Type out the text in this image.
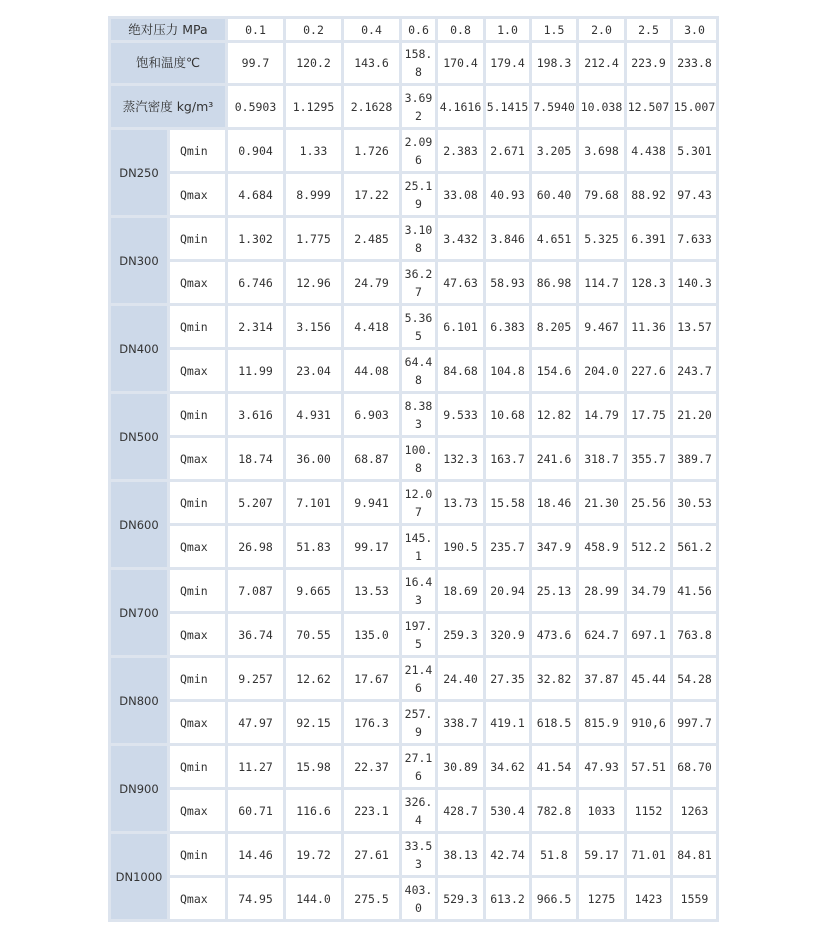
绝对压力 MPa		0.1	0.2	0.4	0.6	0.8	1.0	1.5	2.0	2.5	3.0
饱和温度℃		99.7	120.2	143.6	158.8	170.4	179.4	198.3	212.4	223.9	233.8
蒸汽密度 kg/m³		0.5903	1.1295	2.1628	3.692	4.1616	5.1415	7.5940	10.038	12.507	15.007
DN250	Qmin	0.904	1.33	1.726	2.096	2.383	2.671	3.205	3.698	4.438	5.301
	Qmax	4.684	8.999	17.22	25.19	33.08	40.93	60.40	79.68	88.92	97.43
DN300	Qmin	1.302	1.775	2.485	3.108	3.432	3.846	4.651	5.325	6.391	7.633
	Qmax	6.746	12.96	24.79	36.27	47.63	58.93	86.98	114.7	128.3	140.3
DN400	Qmin	2.314	3.156	4.418	5.365	6.101	6.383	8.205	9.467	11.36	13.57
	Qmax	11.99	23.04	44.08	64.48	84.68	104.8	154.6	204.0	227.6	243.7
DN500	Qmin	3.616	4.931	6.903	8.383	9.533	10.68	12.82	14.79	17.75	21.20
	Qmax	18.74	36.00	68.87	100.8	132.3	163.7	241.6	318.7	355.7	389.7
DN600	Qmin	5.207	7.101	9.941	12.07	13.73	15.58	18.46	21.30	25.56	30.53
	Qmax	26.98	51.83	99.17	145.1	190.5	235.7	347.9	458.9	512.2	561.2
DN700	Qmin	7.087	9.665	13.53	16.43	18.69	20.94	25.13	28.99	34.79	41.56
	Qmax	36.74	70.55	135.0	197.5	259.3	320.9	473.6	624.7	697.1	763.8
DN800	Qmin	9.257	12.62	17.67	21.46	24.40	27.35	32.82	37.87	45.44	54.28
	Qmax	47.97	92.15	176.3	257.9	338.7	419.1	618.5	815.9	910,6	997.7
DN900	Qmin	11.27	15.98	22.37	27.16	30.89	34.62	41.54	47.93	57.51	68.70
	Qmax	60.71	116.6	223.1	326.4	428.7	530.4	782.8	1033	1152	1263
DN1000	Qmin	14.46	19.72	27.61	33.53	38.13	42.74	51.8	59.17	71.01	84.81
	Qmax	74.95	144.0	275.5	403.0	529.3	613.2	966.5	1275	1423	1559
